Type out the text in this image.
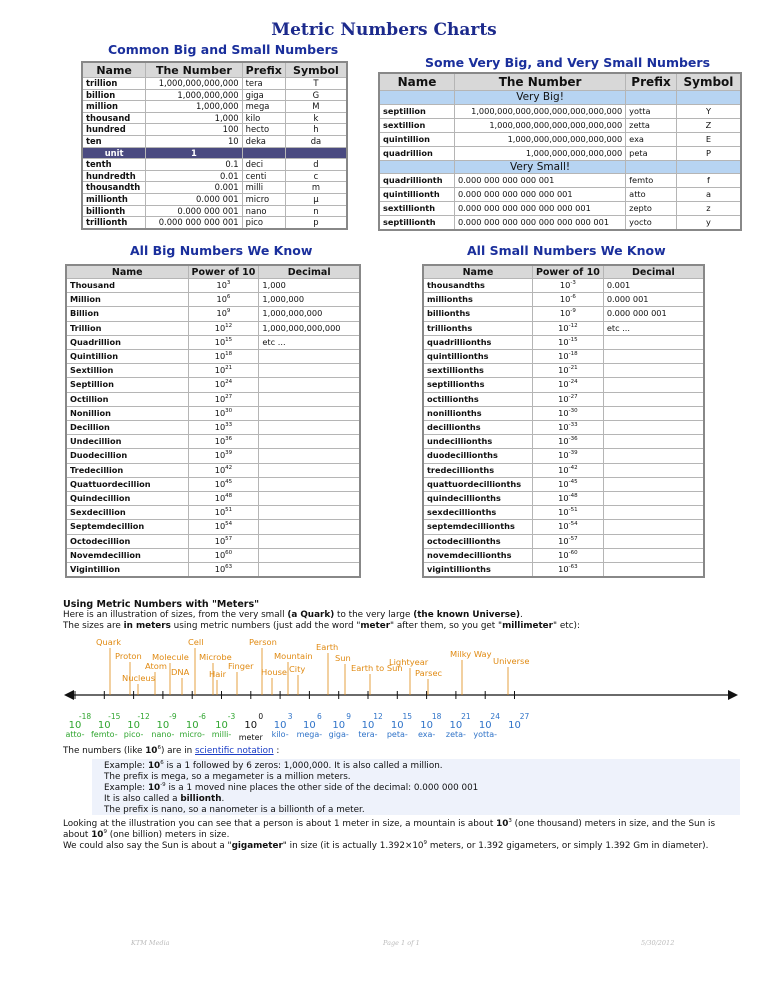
Metric Numbers Charts
Common Big and Small Numbers
Name	The Number	Prefix	Symbol
trillion	1,000,000,000,000	tera	T
billion	1,000,000,000	giga	G
million	1,000,000	mega	M
thousand	1,000	kilo	k
hundred	100	hecto	h
ten	10	deka	da
unit	1		
tenth	0.1	deci	d
hundredth	0.01	centi	c
thousandth	0.001	milli	m
millionth	0.000 001	micro	µ
billionth	0.000 000 001	nano	n
trillionth	0.000 000 000 001	pico	p
Some Very Big, and Very Small Numbers
Name	The Number	Prefix	Symbol
	Very Big!		
septillion	1,000,000,000,000,000,000,000,000	yotta	Y
sextillion	1,000,000,000,000,000,000,000	zetta	Z
quintillion	1,000,000,000,000,000,000	exa	E
quadrillion	1,000,000,000,000,000	peta	P
	Very Small!		
quadrillionth	0.000 000 000 000 001	femto	f
quintillionth	0.000 000 000 000 000 001	atto	a
sextillionth	0.000 000 000 000 000 000 001	zepto	z
septillionth	0.000 000 000 000 000 000 000 001	yocto	y
All Big Numbers We Know
Name	Power of 10	Decimal
Thousand	$10^3$	1,000
Million	$10^6$	1,000,000
Billion	$10^9$	1,000,000,000
Trillion	$10^{12}$	1,000,000,000,000
Quadrillion	$10^{15}$	etc ...
Quintillion	$10^{18}$	
Sextillion	$10^{21}$	
Septillion	$10^{24}$	
Octillion	$10^{27}$	
Nonillion	$10^{30}$	
Decillion	$10^{33}$	
Undecillion	$10^{36}$	
Duodecillion	$10^{39}$	
Tredecillion	$10^{42}$	
Quattuordecillion	$10^{45}$	
Quindecillion	$10^{48}$	
Sexdecillion	$10^{51}$	
Septemdecillion	$10^{54}$	
Octodecillion	$10^{57}$	
Novemdecillion	$10^{60}$	
Vigintillion	$10^{63}$	
All Small Numbers We Know
Name	Power of 10	Decimal
thousandths	$10^{-3}$	0.001
millionths	$10^{-6}$	0.000 001
billionths	$10^{-9}$	0.000 000 001
trillionths	$10^{-12}$	etc ...
quadrillionths	$10^{-15}$	
quintillionths	$10^{-18}$	
sextillionths	$10^{-21}$	
septillionths	$10^{-24}$	
octillionths	$10^{-27}$	
nonillionths	$10^{-30}$	
decillionths	$10^{-33}$	
undecillionths	$10^{-36}$	
duodecillionths	$10^{-39}$	
tredecillionths	$10^{-42}$	
quattuordecillionths	$10^{-45}$	
quindecillionths	$10^{-48}$	
sexdecillionths	$10^{-51}$	
septemdecillionths	$10^{-54}$	
octodecillionths	$10^{-57}$	
novemdecillionths	$10^{-60}$	
vigintillionths	$10^{-63}$	
Using Metric Numbers with "Meters"
Here is an illustration of sizes, from the very small (a Quark) to the very large (the known Universe).
The sizes are in meters using metric numbers (just add the word "meter" after them, so you get "millimeter" etc):
Quark
Proton
Nucleus
Atom
Molecule
DNA
Cell
Microbe
Hair
Finger
Person
House
Mountain
City
Earth
Sun
Earth to Sun
Lightyear
Parsec
Milky Way
Universe
10
-18
10
-15
10
-12
10
-9
10
-6
10
-3
10
0
10
3
10
6
10
9
10
12
10
15
10
18
10
21
10
24
10
27
atto- femto- pico- nano- micro- milli- meter kilo- mega- giga- tera- peta- exa- zeta- yotta-
The numbers (like $10^6$) are in scientific notation :
Example: $10^6$ is a 1 followed by 6 zeros: 1,000,000. It is also called a million.
The prefix is mega, so a megameter is a million meters.
Example: $10^{-9}$ is a 1 moved nine places the other side of the decimal: 0.000 000 001
It is also called a billionth.
The prefix is nano, so a nanometer is a billionth of a meter.
Looking at the illustration you can see that a person is about 1 meter in size, a mountain is about $10^3$ (one thousand) meters in size, and the Sun is
about $10^9$ (one billion) meters in size.
We could also say the Sun is about a "gigameter" in size (it is actually $1.392\times 10^9$ meters, or 1.392 gigameters, or simply 1.392 Gm in diameter).
KTM Media	Page 1 of 1	5/30/2012
